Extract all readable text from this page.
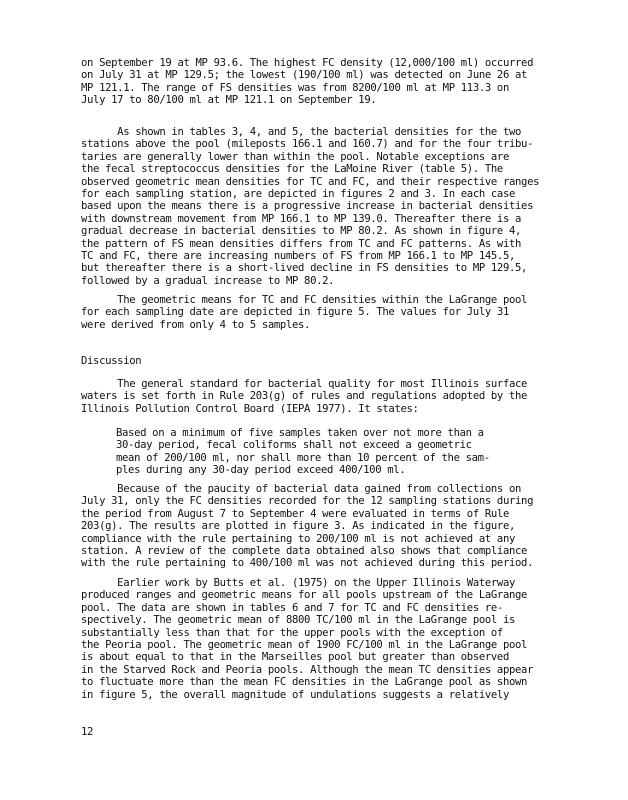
on September 19 at MP 93.6. The highest FC density (12,000/100 ml) occurred
on July 31 at MP 129.5; the lowest (190/100 ml) was detected on June 26 at
MP 121.1. The range of FS densities was from 8200/100 ml at MP 113.3 on
July 17 to 80/100 ml at MP 121.1 on September 19.
As shown in tables 3, 4, and 5, the bacterial densities for the two
stations above the pool (mileposts 166.1 and 160.7) and for the four tribu-
taries are generally lower than within the pool. Notable exceptions are
the fecal streptococcus densities for the LaMoine River (table 5). The
observed geometric mean densities for TC and FC, and their respective ranges
for each sampling station, are depicted in figures 2 and 3. In each case
based upon the means there is a progressive increase in bacterial densities
with downstream movement from MP 166.1 to MP 139.0. Thereafter there is a
gradual decrease in bacterial densities to MP 80.2. As shown in figure 4,
the pattern of FS mean densities differs from TC and FC patterns. As with
TC and FC, there are increasing numbers of FS from MP 166.1 to MP 145.5,
but thereafter there is a short-lived decline in FS densities to MP 129.5,
followed by a gradual increase to MP 80.2.
The geometric means for TC and FC densities within the LaGrange pool
for each sampling date are depicted in figure 5. The values for July 31
were derived from only 4 to 5 samples.
Discussion
The general standard for bacterial quality for most Illinois surface
waters is set forth in Rule 203(g) of rules and regulations adopted by the
Illinois Pollution Control Board (IEPA 1977). It states:
Based on a minimum of five samples taken over not more than a
30-day period, fecal coliforms shall not exceed a geometric
mean of 200/100 ml, nor shall more than 10 percent of the sam-
ples during any 30-day period exceed 400/100 ml.
Because of the paucity of bacterial data gained from collections on
July 31, only the FC densities recorded for the 12 sampling stations during
the period from August 7 to September 4 were evaluated in terms of Rule
203(g). The results are plotted in figure 3. As indicated in the figure,
compliance with the rule pertaining to 200/100 ml is not achieved at any
station. A review of the complete data obtained also shows that compliance
with the rule pertaining to 400/100 ml was not achieved during this period.
Earlier work by Butts et al. (1975) on the Upper Illinois Waterway
produced ranges and geometric means for all pools upstream of the LaGrange
pool. The data are shown in tables 6 and 7 for TC and FC densities re-
spectively. The geometric mean of 8800 TC/100 ml in the LaGrange pool is
substantially less than that for the upper pools with the exception of
the Peoria pool. The geometric mean of 1900 FC/100 ml in the LaGrange pool
is about equal to that in the Marseilles pool but greater than observed
in the Starved Rock and Peoria pools. Although the mean TC densities appear
to fluctuate more than the mean FC densities in the LaGrange pool as shown
in figure 5, the overall magnitude of undulations suggests a relatively
12
